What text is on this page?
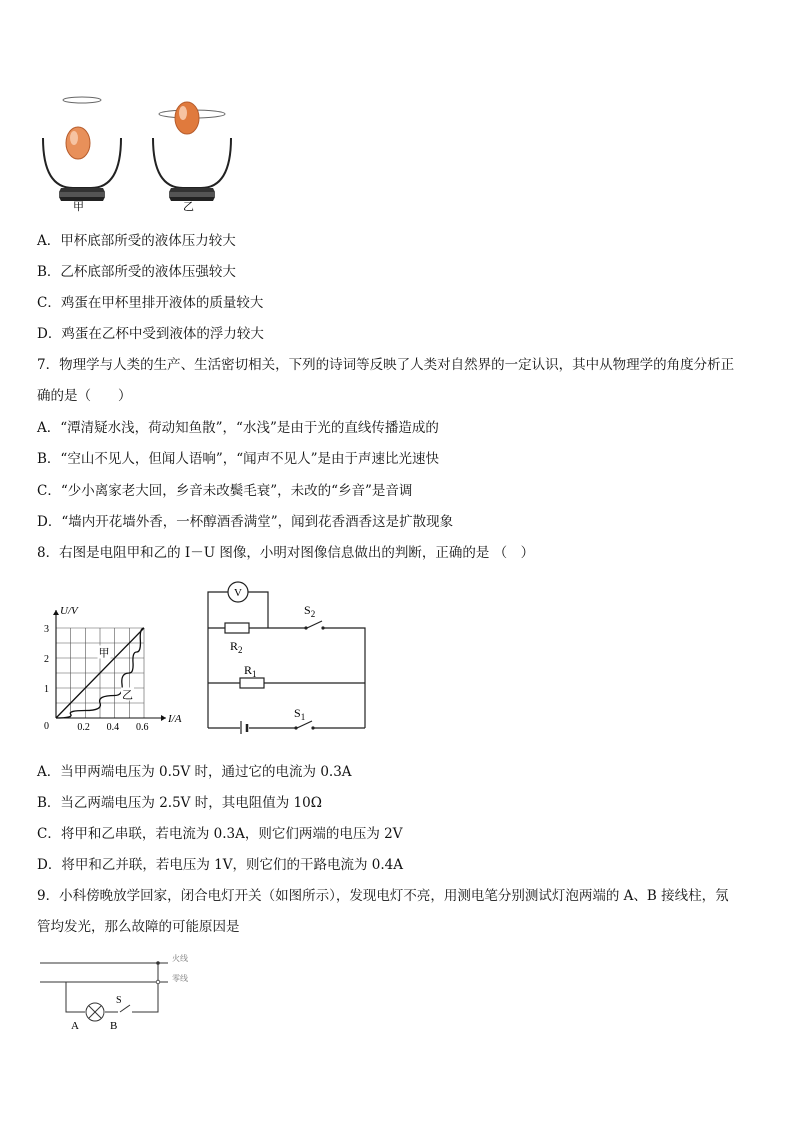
甲	乙
A．甲杯底部所受的液体压力较大
B．乙杯底部所受的液体压强较大
C．鸡蛋在甲杯里排开液体的质量较大
D．鸡蛋在乙杯中受到液体的浮力较大
7．物理学与人类的生产、生活密切相关，下列的诗词等反映了人类对自然界的一定认识，其中从物理学的角度分析正
确的是（　　）
A．“潭清疑水浅，荷动知鱼散”，“水浅”是由于光的直线传播造成的
B．“空山不见人，但闻人语响”，“闻声不见人”是由于声速比光速快
C．“少小离家老大回，乡音未改鬓毛衰”，未改的“乡音”是音调
D．“墙内开花墙外香，一杯醇酒香满堂”，闻到花香酒香这是扩散现象
8．右图是电阻甲和乙的 I－U 图像，小明对图像信息做出的判断，正确的是 （　）
0.2 0.4 0.6
1
2
3
甲
乙
U/V
I/A
0
V
$R_2$
$R_1$
$S_2$
$S_1$
A．当甲两端电压为 0.5V 时，通过它的电流为 0.3A
B．当乙两端电压为 2.5V 时，其电阻值为 10Ω
C．将甲和乙串联，若电流为 0.3A，则它们两端的电压为 2V
D．将甲和乙并联，若电压为 1V，则它们的干路电流为 0.4A
9．小科傍晚放学回家，闭合电灯开关（如图所示），发现电灯不亮，用测电笔分别测试灯泡两端的 A、B 接线柱，氖
管均发光，那么故障的可能原因是
火线
零线
A	B
S
